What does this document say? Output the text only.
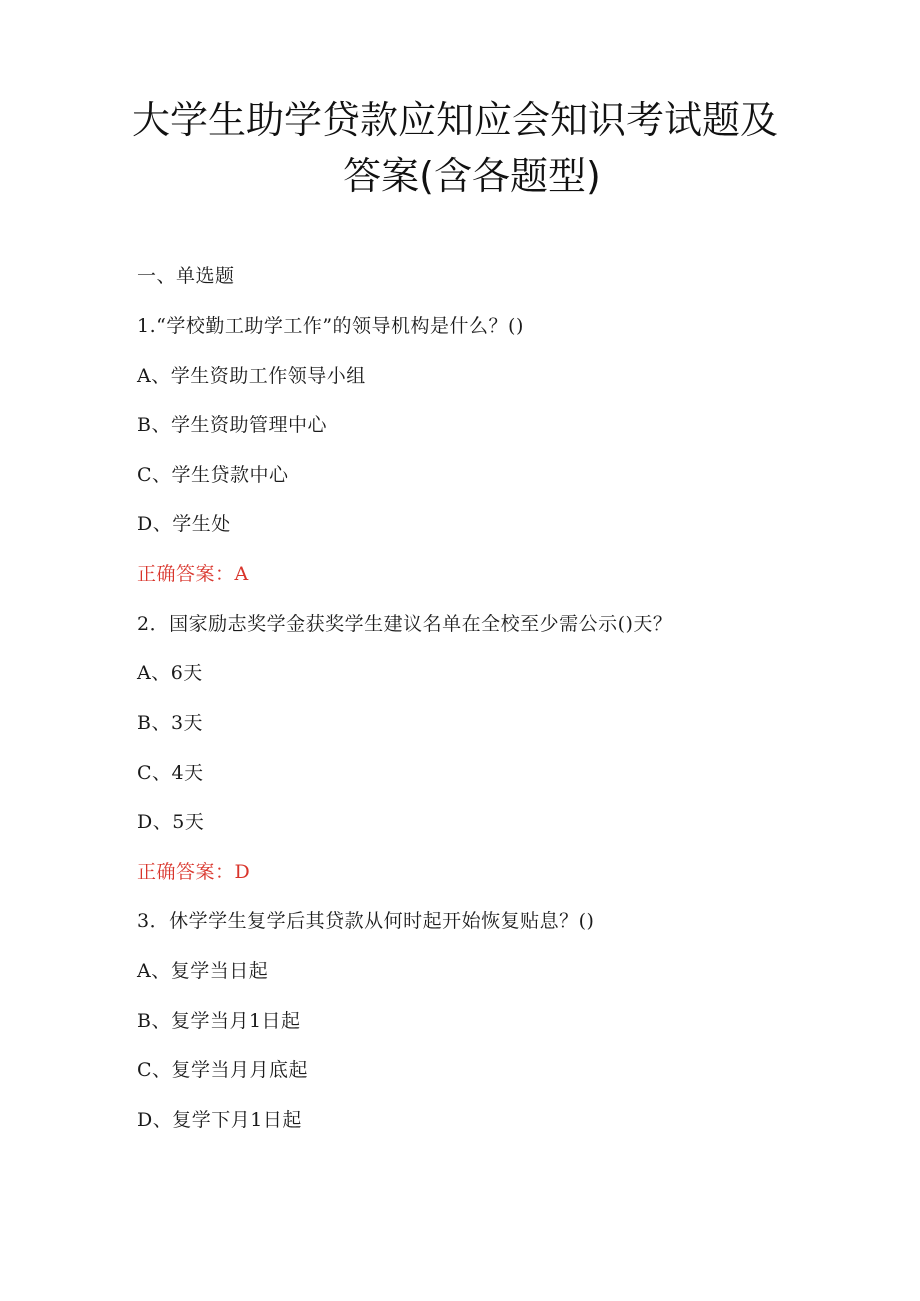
大学生助学贷款应知应会知识考试题及
答案(含各题型)
一、单选题
1.“学校勤工助学工作”的领导机构是什么？()
A、学生资助工作领导小组
B、学生资助管理中心
C、学生贷款中心
D、学生处
正确答案：A
2．国家励志奖学金获奖学生建议名单在全校至少需公示()天？
A、6天
B、3天
C、4天
D、5天
正确答案：D
3．休学学生复学后其贷款从何时起开始恢复贴息？()
A、复学当日起
B、复学当月1日起
C、复学当月月底起
D、复学下月1日起
